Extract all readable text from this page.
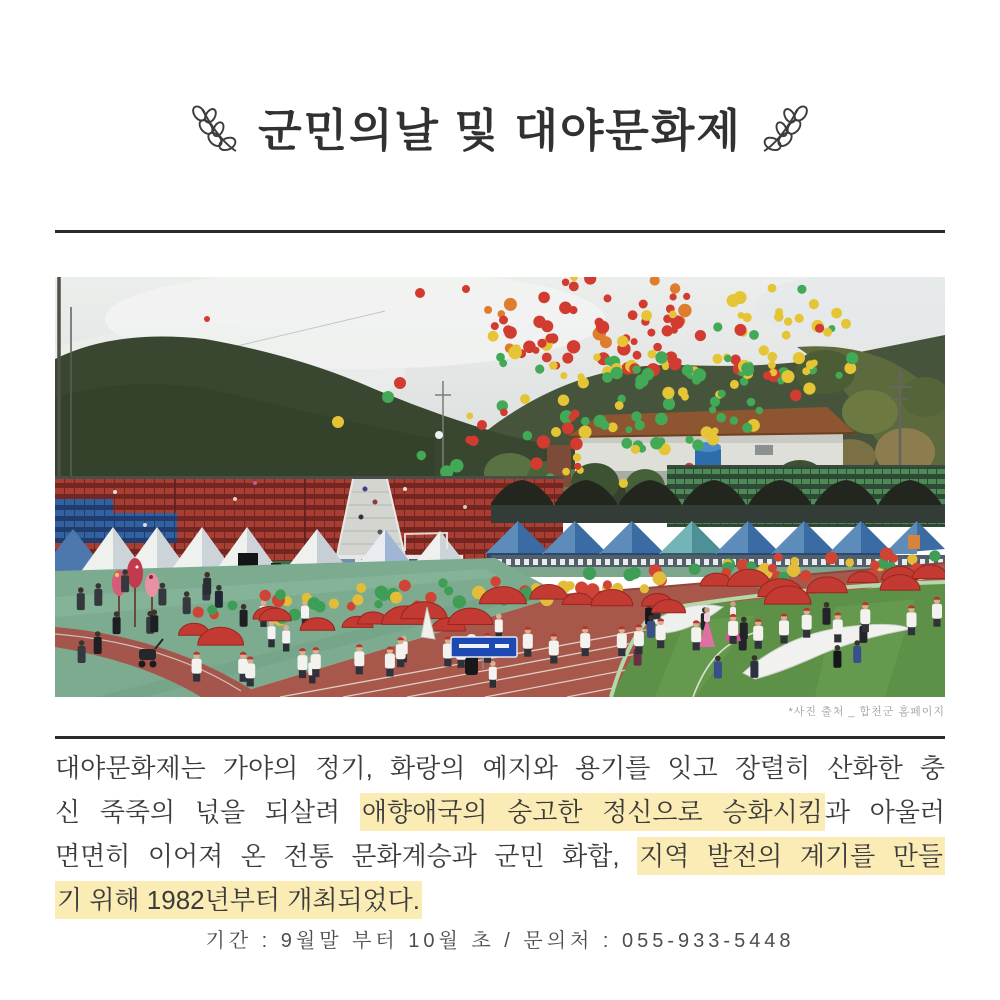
군민의날 및 대야문화제
*사진 출처 _ 합천군 홈페이지
대야문화제는 가야의 정기, 화랑의 예지와 용기를 잇고 장렬히 산화한 충
신 죽죽의 넋을 되살려 애향애국의 숭고한 정신으로 승화시킴과 아울러
면면히 이어져 온 전통 문화계승과 군민 화합, 지역 발전의 계기를 만들
기 위해 1982년부터 개최되었다.
기간 : 9월말 부터 10월 초 / 문의처 : 055-933-5448
